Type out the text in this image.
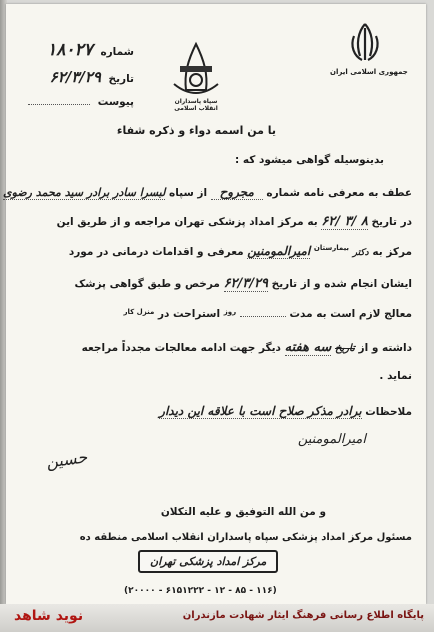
شماره ۱۸۰۲۷
تاریخ ۶۲/۳/۲۹
پیوست	سپاه پاسداران انقلاب اسلامی
جمهوری اسلامی ایران
یا من اسمه دواء و ذکره شفاء
بدینوسیله گواهی میشود که :
عطف به معرفی نامه شماره مجروح از سپاه لبسرا سادر برادر سید محمد رضوی
در تاریخ ۸ /۳ /۶۲ به مرکز امداد پزشکی تهران مراجعه و از طریق این
مرکز به دکتر $^{بیمارستان}$ امیرالمومنین معرفی و اقدامات درمانی در مورد
ایشان انجام شده و از تاریخ ۶۲/۳/۲۹ مرخص و طبق گواهی پزشک
معالج لازم است به مدت  $^{روز}$ استراحت در $^{منزل کار}$
داشته و از تاریخ سه هفته دیگر جهت ادامه معالجات مجدداً مراجعه
نماید .
ملاحظات برادر مذکر صلاح است با علاقه این دیدار
امیرالمومنین
حسین
و من الله التوفیق و علیه التکلان
مسئول مرکز امداد پزشکی سپاه پاسداران انقلاب اسلامی منطقه ده
مرکز امداد پزشکی تهران
(۱۱۶ - ۸۵ - ۱۲ - ۶۱۵۱۲۲۲ - ۲۰۰۰۰)
نوید شاهد	پایگاه اطلاع رسانی فرهنگ ایثار شهادت مازندران
